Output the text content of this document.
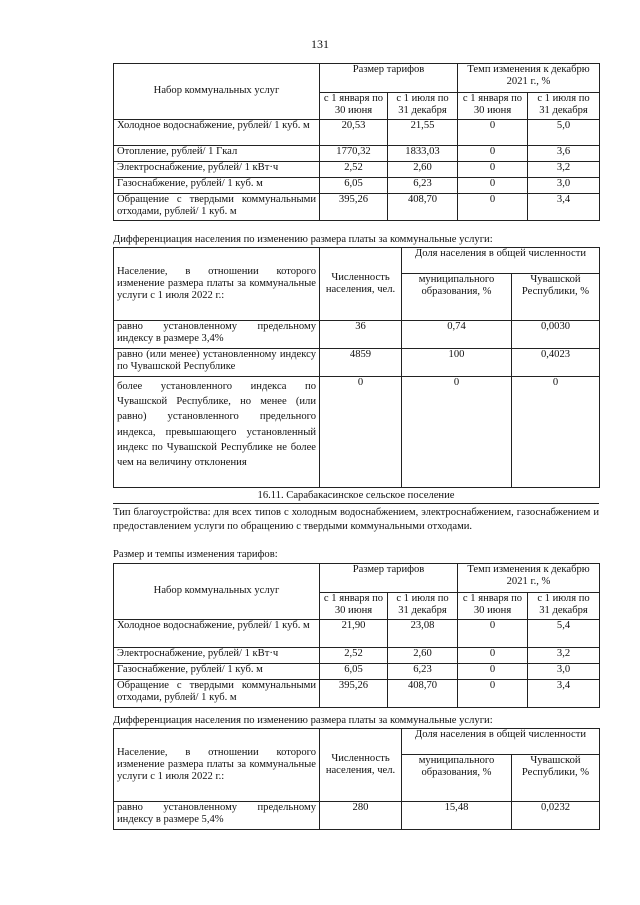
131
Набор коммунальных услуг	Размер тарифов		Темп изменения к декабрю 2021 г., %	
	с 1 января по 30 июня	с 1 июля по 31 декабря	с 1 января по 30 июня	с 1 июля по 31 декабря
Холодное водоснабжение, рублей/ 1 куб. м	20,53	21,55	0	5,0
Отопление, рублей/ 1 Гкал	1770,32	1833,03	0	3,6
Электроснабжение, рублей/ 1 кВт·ч	2,52	2,60	0	3,2
Газоснабжение, рублей/ 1 куб. м	6,05	6,23	0	3,0
Обращение с твердыми коммунальными отходами, рублей/ 1 куб. м	395,26	408,70	0	3,4
Дифференциация населения по изменению размера платы за коммунальные услуги:
Население, в отношении которого изменение размера платы за коммунальные услуги с 1 июля 2022 г.:	Численность населения, чел.	Доля населения в общей численности	
		муниципального образования, %	Чувашской Республики, %
равно установленному предельному индексу в размере 3,4%	36	0,74	0,0030
равно (или менее) установленному индексу по Чувашской Республике	4859	100	0,4023
более установленного индекса по Чувашской Республике, но менее (или равно) установленного предельного индекса, превышающего установленный индекс по Чувашской Республике не более чем на величину отклонения	0	0	0
16.11. Сарабакасинское сельское поселение
Тип благоустройства: для всех типов с холодным водоснабжением, электроснабжением, газоснабжением и предоставлением услуги по обращению с твердыми коммунальными отходами.
Размер и темпы изменения тарифов:
Набор коммунальных услуг	Размер тарифов		Темп изменения к декабрю 2021 г., %	
	с 1 января по 30 июня	с 1 июля по 31 декабря	с 1 января по 30 июня	с 1 июля по 31 декабря
Холодное водоснабжение, рублей/ 1 куб. м	21,90	23,08	0	5,4
Электроснабжение, рублей/ 1 кВт·ч	2,52	2,60	0	3,2
Газоснабжение, рублей/ 1 куб. м	6,05	6,23	0	3,0
Обращение с твердыми коммунальными отходами, рублей/ 1 куб. м	395,26	408,70	0	3,4
Дифференциация населения по изменению размера платы за коммунальные услуги:
Население, в отношении которого изменение размера платы за коммунальные услуги с 1 июля 2022 г.:	Численность населения, чел.	Доля населения в общей численности	
		муниципального образования, %	Чувашской Республики, %
равно установленному предельному индексу в размере 5,4%	280	15,48	0,0232
